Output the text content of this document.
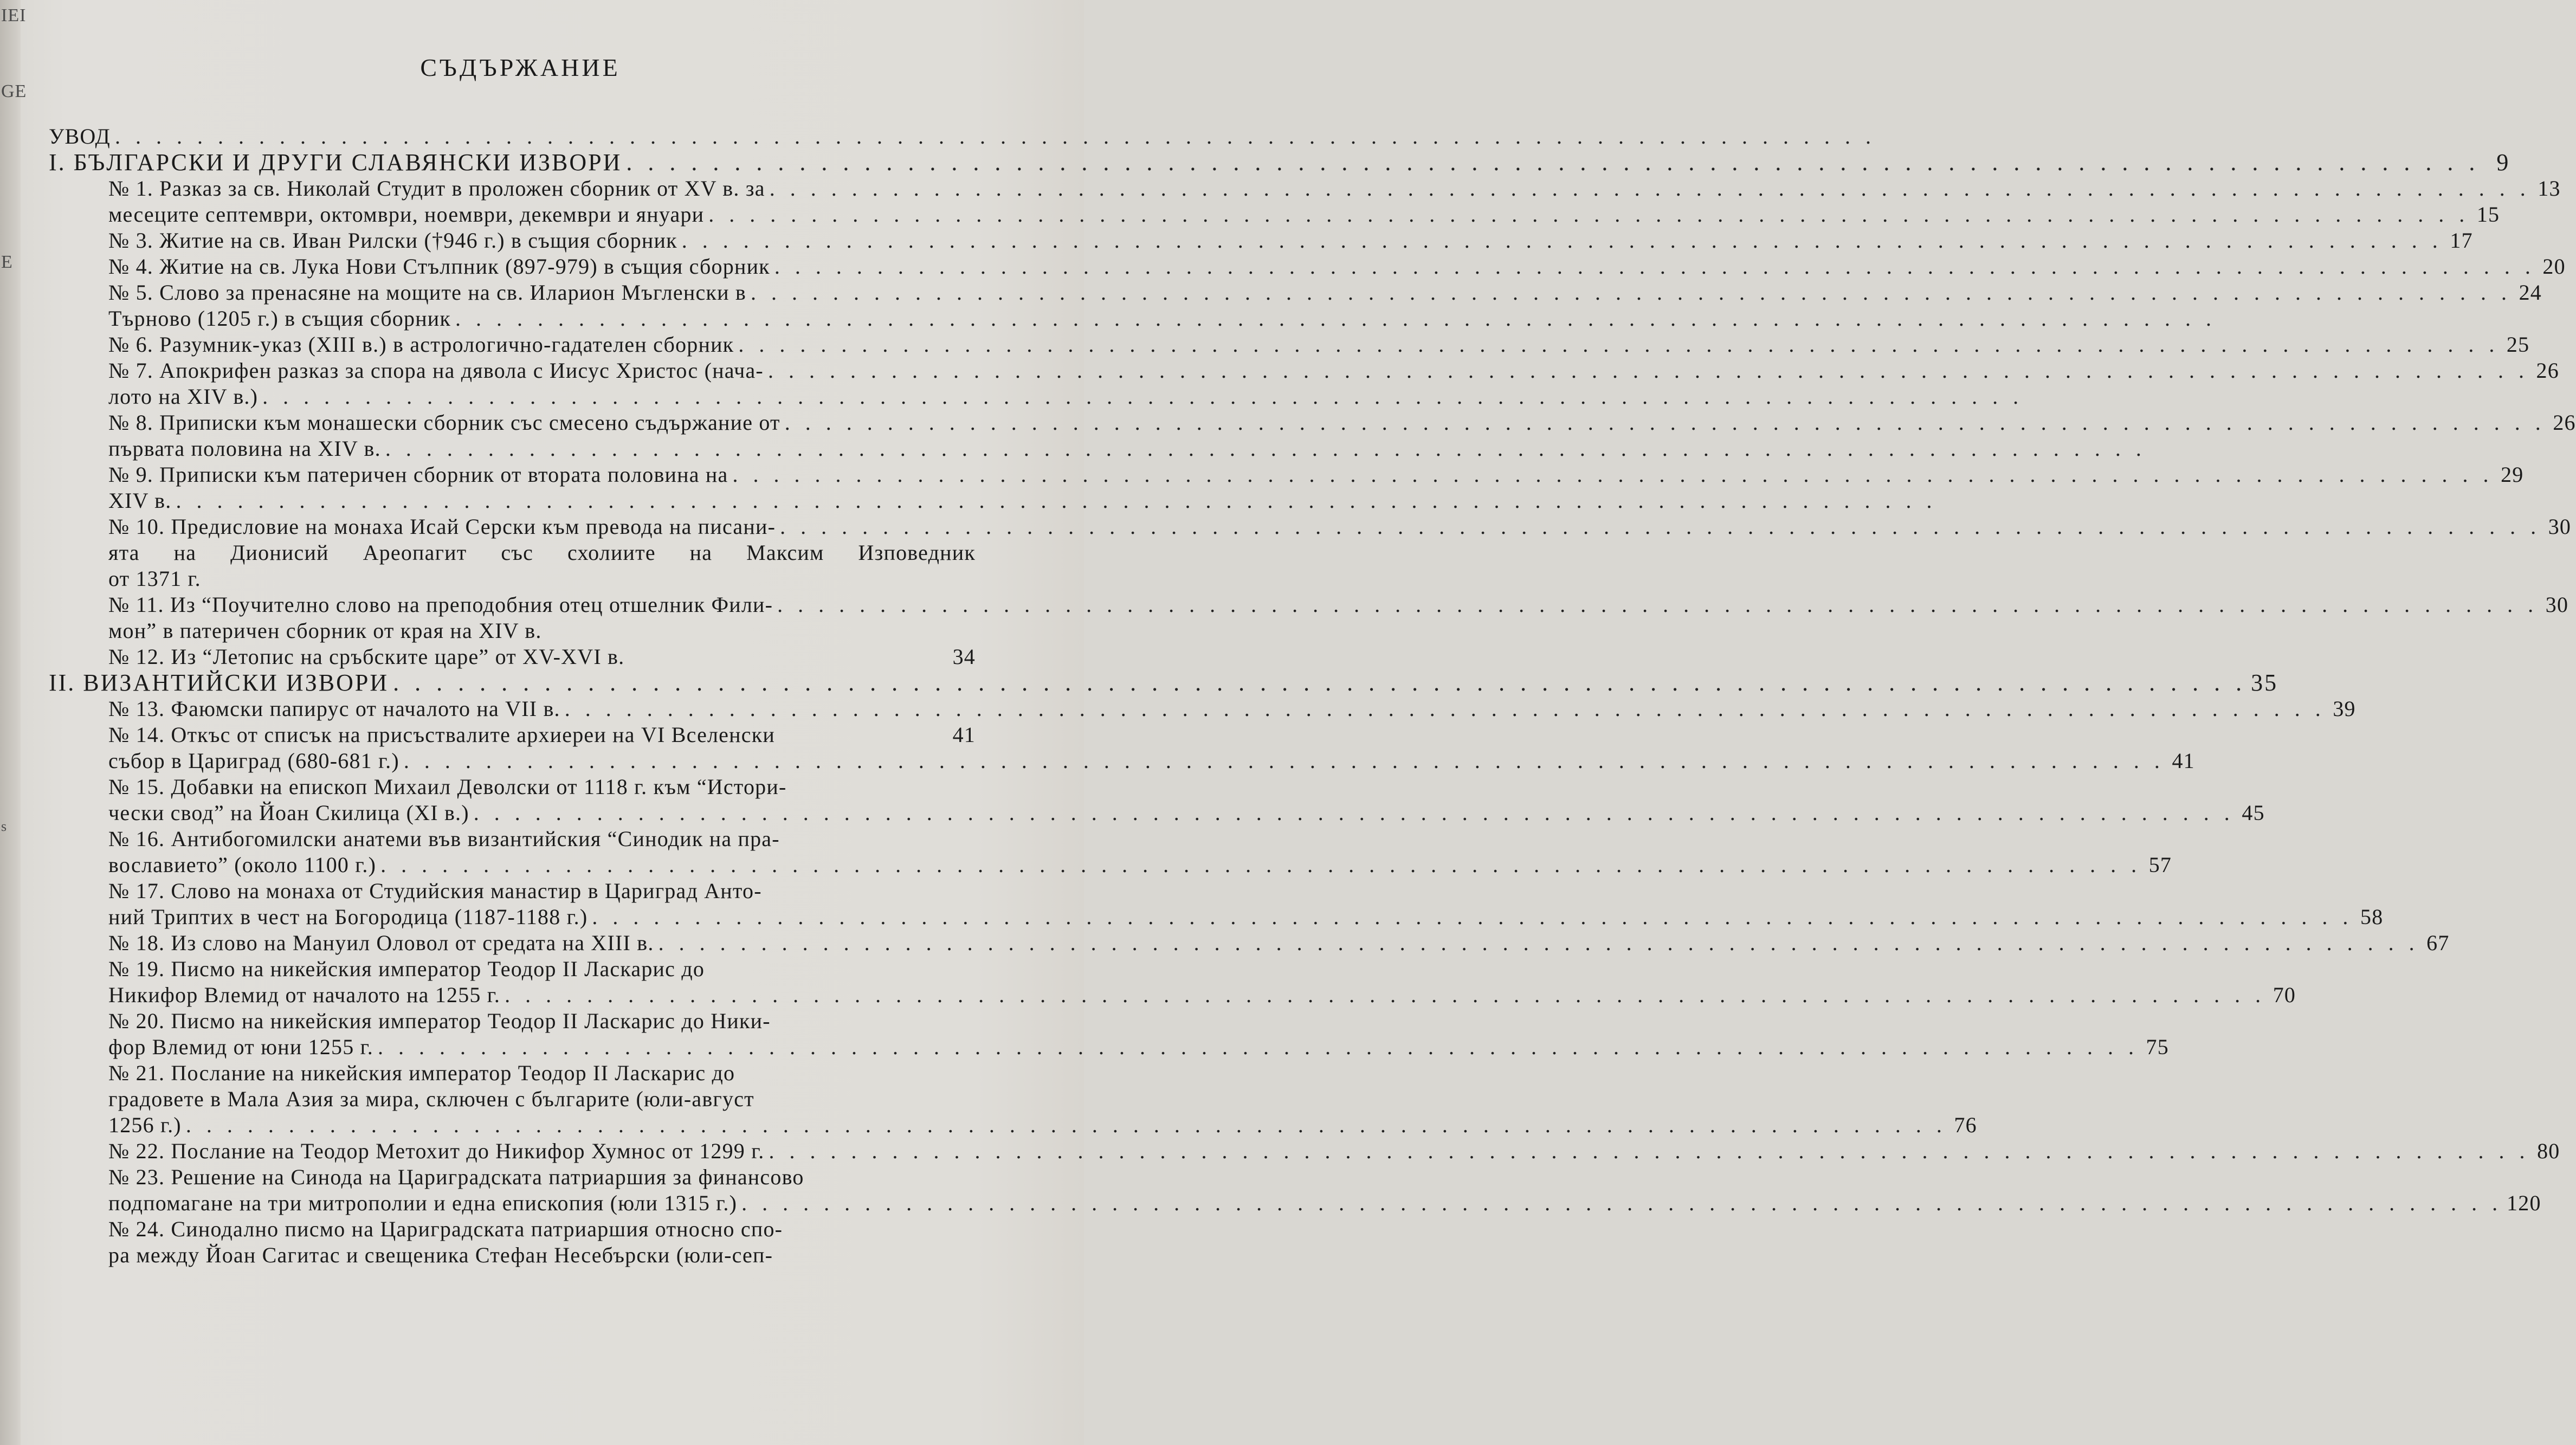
IEI
GE
E
s
СЪДЪРЖАНИЕ
УВОД . . . . . . . . . . . . . . . . . . . . . . . . . . . . . . . . . . . . . . . . . . . . . . . . . . . . . . . . . . . . . . . . . . . . . . . . . . . . . . . . . . . . . .
I. БЪЛГАРСКИ И ДРУГИ СЛАВЯНСКИ ИЗВОРИ . . . . . . . . . . . . . . . . . . . . . . . . . . . . . . . . . . . . . . . . . . . . . . . . . . . . . . . . . . . . . . . . . . . . . . . . . . . . . . . . . . . . . . 9
№ 1. Разказ за св. Николай Студит в проложен сборник от XV в. за . . . . . . . . . . . . . . . . . . . . . . . . . . . . . . . . . . . . . . . . . . . . . . . . . . . . . . . . . . . . . . . . . . . . . . . . . . . . . . . . . . . . . . 13
месеците септември, октомври, ноември, декември и януари . . . . . . . . . . . . . . . . . . . . . . . . . . . . . . . . . . . . . . . . . . . . . . . . . . . . . . . . . . . . . . . . . . . . . . . . . . . . . . . . . . . . . . 15
№ 3. Житие на св. Иван Рилски (†946 г.) в същия сборник . . . . . . . . . . . . . . . . . . . . . . . . . . . . . . . . . . . . . . . . . . . . . . . . . . . . . . . . . . . . . . . . . . . . . . . . . . . . . . . . . . . . . . 17
№ 4. Житие на св. Лука Нови Стълпник (897-979) в същия сборник . . . . . . . . . . . . . . . . . . . . . . . . . . . . . . . . . . . . . . . . . . . . . . . . . . . . . . . . . . . . . . . . . . . . . . . . . . . . . . . . . . . . . . 20
№ 5. Слово за пренасяне на мощите на св. Иларион Мъгленски в . . . . . . . . . . . . . . . . . . . . . . . . . . . . . . . . . . . . . . . . . . . . . . . . . . . . . . . . . . . . . . . . . . . . . . . . . . . . . . . . . . . . . . 24
Търново (1205 г.) в същия сборник . . . . . . . . . . . . . . . . . . . . . . . . . . . . . . . . . . . . . . . . . . . . . . . . . . . . . . . . . . . . . . . . . . . . . . . . . . . . . . . . . . . . . .
№ 6. Разумник-указ (XIII в.) в астрологично-гадателен сборник . . . . . . . . . . . . . . . . . . . . . . . . . . . . . . . . . . . . . . . . . . . . . . . . . . . . . . . . . . . . . . . . . . . . . . . . . . . . . . . . . . . . . . 25
№ 7. Апокрифен разказ за спора на дявола с Иисус Христос (нача- . . . . . . . . . . . . . . . . . . . . . . . . . . . . . . . . . . . . . . . . . . . . . . . . . . . . . . . . . . . . . . . . . . . . . . . . . . . . . . . . . . . . . . 26
лото на XIV в.) . . . . . . . . . . . . . . . . . . . . . . . . . . . . . . . . . . . . . . . . . . . . . . . . . . . . . . . . . . . . . . . . . . . . . . . . . . . . . . . . . . . . . .
№ 8. Приписки към монашески сборник със смесено съдържание от . . . . . . . . . . . . . . . . . . . . . . . . . . . . . . . . . . . . . . . . . . . . . . . . . . . . . . . . . . . . . . . . . . . . . . . . . . . . . . . . . . . . . . 26
първата половина на XIV в. . . . . . . . . . . . . . . . . . . . . . . . . . . . . . . . . . . . . . . . . . . . . . . . . . . . . . . . . . . . . . . . . . . . . . . . . . . . . . . . . . . . . . .
№ 9. Приписки към патеричен сборник от втората половина на . . . . . . . . . . . . . . . . . . . . . . . . . . . . . . . . . . . . . . . . . . . . . . . . . . . . . . . . . . . . . . . . . . . . . . . . . . . . . . . . . . . . . . 29
XIV в. . . . . . . . . . . . . . . . . . . . . . . . . . . . . . . . . . . . . . . . . . . . . . . . . . . . . . . . . . . . . . . . . . . . . . . . . . . . . . . . . . . . . . .
№ 10. Предисловие на монаха Исай Серски към превода на писани- . . . . . . . . . . . . . . . . . . . . . . . . . . . . . . . . . . . . . . . . . . . . . . . . . . . . . . . . . . . . . . . . . . . . . . . . . . . . . . . . . . . . . . 30
ята на Дионисий Ареопагит със схолиите на Максим Изповедник
от 1371 г.
№ 11. Из “Поучително слово на преподобния отец отшелник Фили- . . . . . . . . . . . . . . . . . . . . . . . . . . . . . . . . . . . . . . . . . . . . . . . . . . . . . . . . . . . . . . . . . . . . . . . . . . . . . . . . . . . . . . 30
мон” в патеричен сборник от края на XIV в.
№ 12. Из “Летопис на сръбските царе” от XV-XVI в.	34
II. ВИЗАНТИЙСКИ ИЗВОРИ . . . . . . . . . . . . . . . . . . . . . . . . . . . . . . . . . . . . . . . . . . . . . . . . . . . . . . . . . . . . . . . . . . . . . . . . . . . . . . . . . . . . . . 35
№ 13. Фаюмски папирус от началото на VII в. . . . . . . . . . . . . . . . . . . . . . . . . . . . . . . . . . . . . . . . . . . . . . . . . . . . . . . . . . . . . . . . . . . . . . . . . . . . . . . . . . . . . . . 39
№ 14. Откъс от списък на присъствалите архиереи на VI Вселенски	41
събор в Цариград (680-681 г.) . . . . . . . . . . . . . . . . . . . . . . . . . . . . . . . . . . . . . . . . . . . . . . . . . . . . . . . . . . . . . . . . . . . . . . . . . . . . . . . . . . . . . . 41
№ 15. Добавки на епископ Михаил Деволски от 1118 г. към “Истори-
чески свод” на Йоан Скилица (XI в.) . . . . . . . . . . . . . . . . . . . . . . . . . . . . . . . . . . . . . . . . . . . . . . . . . . . . . . . . . . . . . . . . . . . . . . . . . . . . . . . . . . . . . . 45
№ 16. Антибогомилски анатеми във византийския “Синодик на пра-
вославието” (около 1100 г.) . . . . . . . . . . . . . . . . . . . . . . . . . . . . . . . . . . . . . . . . . . . . . . . . . . . . . . . . . . . . . . . . . . . . . . . . . . . . . . . . . . . . . . 57
№ 17. Слово на монаха от Студийския манастир в Цариград Анто-
ний Триптих в чест на Богородица (1187-1188 г.) . . . . . . . . . . . . . . . . . . . . . . . . . . . . . . . . . . . . . . . . . . . . . . . . . . . . . . . . . . . . . . . . . . . . . . . . . . . . . . . . . . . . . . 58
№ 18. Из слово на Мануил Оловол от средата на XIII в. . . . . . . . . . . . . . . . . . . . . . . . . . . . . . . . . . . . . . . . . . . . . . . . . . . . . . . . . . . . . . . . . . . . . . . . . . . . . . . . . . . . . . . 67
№ 19. Писмо на никейския император Теодор II Ласкарис до
Никифор Влемид от началото на 1255 г. . . . . . . . . . . . . . . . . . . . . . . . . . . . . . . . . . . . . . . . . . . . . . . . . . . . . . . . . . . . . . . . . . . . . . . . . . . . . . . . . . . . . . . 70
№ 20. Писмо на никейския император Теодор II Ласкарис до Ники-
фор Влемид от юни 1255 г. . . . . . . . . . . . . . . . . . . . . . . . . . . . . . . . . . . . . . . . . . . . . . . . . . . . . . . . . . . . . . . . . . . . . . . . . . . . . . . . . . . . . . . 75
№ 21. Послание на никейския император Теодор II Ласкарис до
градовете в Мала Азия за мира, сключен с българите (юли-август
1256 г.) . . . . . . . . . . . . . . . . . . . . . . . . . . . . . . . . . . . . . . . . . . . . . . . . . . . . . . . . . . . . . . . . . . . . . . . . . . . . . . . . . . . . . . 76
№ 22. Послание на Теодор Метохит до Никифор Хумнос от 1299 г. . . . . . . . . . . . . . . . . . . . . . . . . . . . . . . . . . . . . . . . . . . . . . . . . . . . . . . . . . . . . . . . . . . . . . . . . . . . . . . . . . . . . . . 80
№ 23. Решение на Синода на Цариградската патриаршия за финансово
подпомагане на три митрополии и една епископия (юли 1315 г.) . . . . . . . . . . . . . . . . . . . . . . . . . . . . . . . . . . . . . . . . . . . . . . . . . . . . . . . . . . . . . . . . . . . . . . . . . . . . . . . . . . . . . . 120
№ 24. Синодално писмо на Цариградската патриаршия относно спо-
ра между Йоан Сагитас и свещеника Стефан Несебърски (юли-сеп-
